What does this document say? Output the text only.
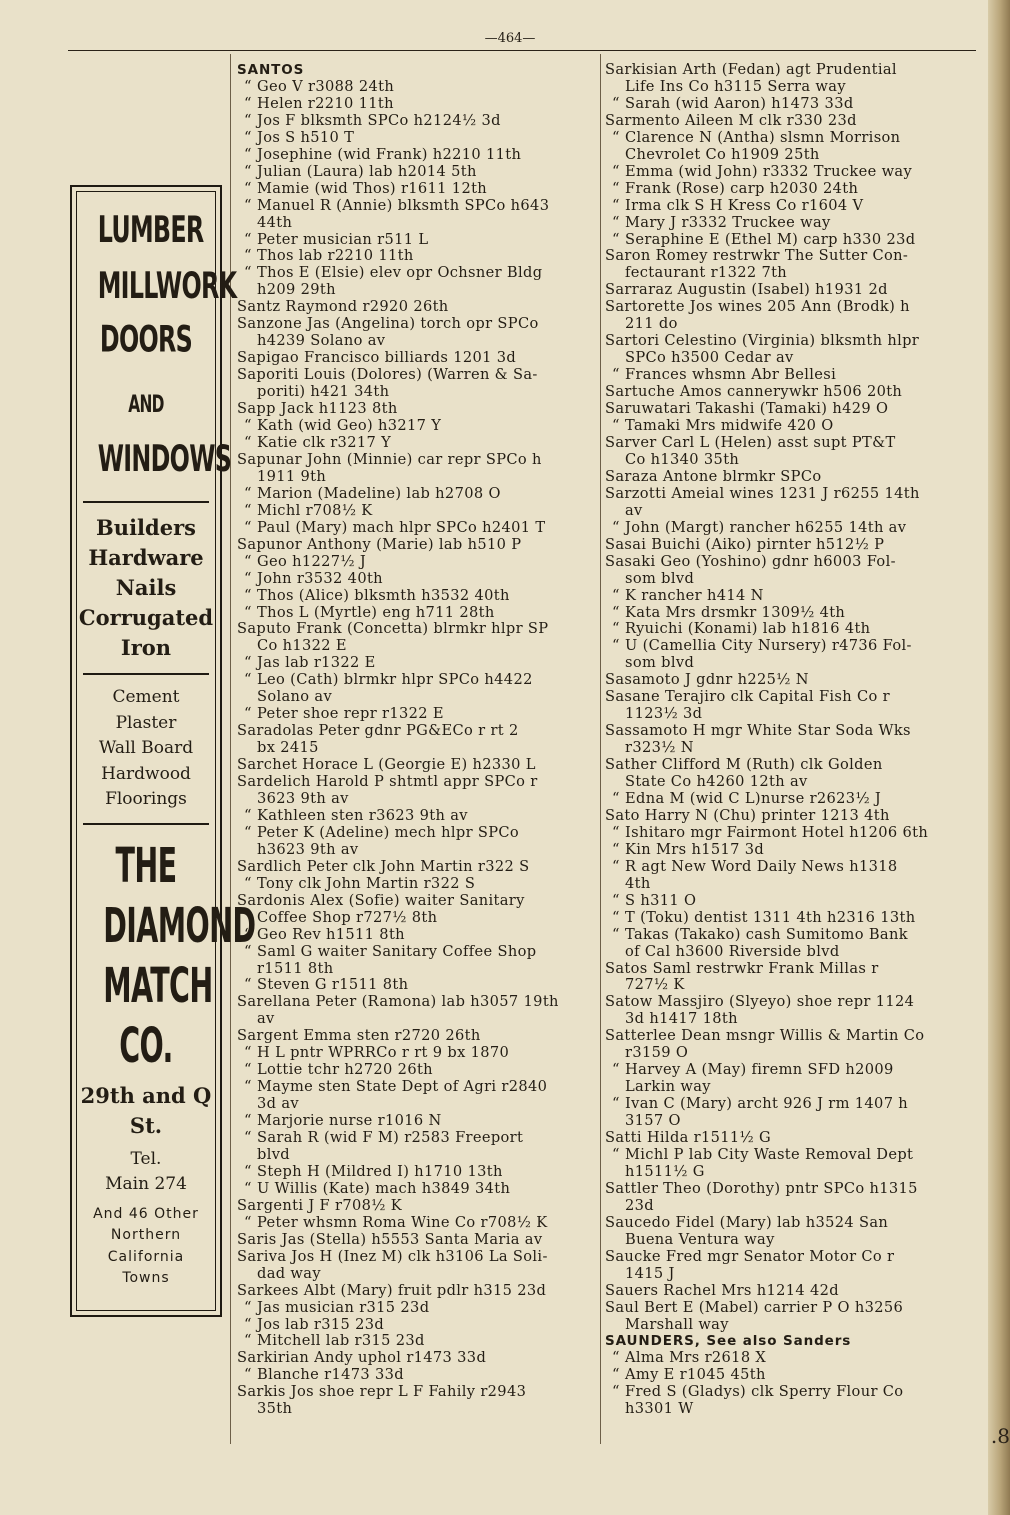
.8
—464—
LUMBER
MILLWORK
DOORS AND
WINDOWS
Builders
Hardware
Nails
Corrugated
Iron
Cement
Plaster
Wall Board
Hardwood
Floorings
THE
DIAMOND
MATCH
CO.
29th and Q
St.
Tel.
Main 274
And 46 Other
Northern
California
Towns
SANTOS
“ Geo V r3088 24th
“ Helen r2210 11th
“ Jos F blksmth SPCo h2124½ 3d
“ Jos S h510 T
“ Josephine (wid Frank) h2210 11th
“ Julian (Laura) lab h2014 5th
“ Mamie (wid Thos) r1611 12th
“ Manuel R (Annie) blksmth SPCo h643
44th
“ Peter musician r511 L
“ Thos lab r2210 11th
“ Thos E (Elsie) elev opr Ochsner Bldg
h209 29th
Santz Raymond r2920 26th
Sanzone Jas (Angelina) torch opr SPCo
h4239 Solano av
Sapigao Francisco billiards 1201 3d
Saporiti Louis (Dolores) (Warren & Sa-
poriti) h421 34th
Sapp Jack h1123 8th
“ Kath (wid Geo) h3217 Y
“ Katie clk r3217 Y
Sapunar John (Minnie) car repr SPCo h
1911 9th
“ Marion (Madeline) lab h2708 O
“ Michl r708½ K
“ Paul (Mary) mach hlpr SPCo h2401 T
Sapunor Anthony (Marie) lab h510 P
“ Geo h1227½ J
“ John r3532 40th
“ Thos (Alice) blksmth h3532 40th
“ Thos L (Myrtle) eng h711 28th
Saputo Frank (Concetta) blrmkr hlpr SP
Co h1322 E
“ Jas lab r1322 E
“ Leo (Cath) blrmkr hlpr SPCo h4422
Solano av
“ Peter shoe repr r1322 E
Saradolas Peter gdnr PG&ECo r rt 2
bx 2415
Sarchet Horace L (Georgie E) h2330 L
Sardelich Harold P shtmtl appr SPCo r
3623 9th av
“ Kathleen sten r3623 9th av
“ Peter K (Adeline) mech hlpr SPCo
h3623 9th av
Sardlich Peter clk John Martin r322 S
“ Tony clk John Martin r322 S
Sardonis Alex (Sofie) waiter Sanitary
Coffee Shop r727½ 8th
“ Geo Rev h1511 8th
“ Saml G waiter Sanitary Coffee Shop
r1511 8th
“ Steven G r1511 8th
Sarellana Peter (Ramona) lab h3057 19th
av
Sargent Emma sten r2720 26th
“ H L pntr WPRRCo r rt 9 bx 1870
“ Lottie tchr h2720 26th
“ Mayme sten State Dept of Agri r2840
3d av
“ Marjorie nurse r1016 N
“ Sarah R (wid F M) r2583 Freeport
blvd
“ Steph H (Mildred I) h1710 13th
“ U Willis (Kate) mach h3849 34th
Sargenti J F r708½ K
“ Peter whsmn Roma Wine Co r708½ K
Saris Jas (Stella) h5553 Santa Maria av
Sariva Jos H (Inez M) clk h3106 La Soli-
dad way
Sarkees Albt (Mary) fruit pdlr h315 23d
“ Jas musician r315 23d
“ Jos lab r315 23d
“ Mitchell lab r315 23d
Sarkirian Andy uphol r1473 33d
“ Blanche r1473 33d
Sarkis Jos shoe repr L F Fahily r2943
35th
Sarkisian Arth (Fedan) agt Prudential
Life Ins Co h3115 Serra way
“ Sarah (wid Aaron) h1473 33d
Sarmento Aileen M clk r330 23d
“ Clarence N (Antha) slsmn Morrison
Chevrolet Co h1909 25th
“ Emma (wid John) r3332 Truckee way
“ Frank (Rose) carp h2030 24th
“ Irma clk S H Kress Co r1604 V
“ Mary J r3332 Truckee way
“ Seraphine E (Ethel M) carp h330 23d
Saron Romey restrwkr The Sutter Con-
fectaurant r1322 7th
Sarraraz Augustin (Isabel) h1931 2d
Sartorette Jos wines 205 Ann (Brodk) h
211 do
Sartori Celestino (Virginia) blksmth hlpr
SPCo h3500 Cedar av
“ Frances whsmn Abr Bellesi
Sartuche Amos cannerywkr h506 20th
Saruwatari Takashi (Tamaki) h429 O
“ Tamaki Mrs midwife 420 O
Sarver Carl L (Helen) asst supt PT&T
Co h1340 35th
Saraza Antone blrmkr SPCo
Sarzotti Ameial wines 1231 J r6255 14th
av
“ John (Margt) rancher h6255 14th av
Sasai Buichi (Aiko) pirnter h512½ P
Sasaki Geo (Yoshino) gdnr h6003 Fol-
som blvd
“ K rancher h414 N
“ Kata Mrs drsmkr 1309½ 4th
“ Ryuichi (Konami) lab h1816 4th
“ U (Camellia City Nursery) r4736 Fol-
som blvd
Sasamoto J gdnr h225½ N
Sasane Terajiro clk Capital Fish Co r
1123½ 3d
Sassamoto H mgr White Star Soda Wks
r323½ N
Sather Clifford M (Ruth) clk Golden
State Co h4260 12th av
“ Edna M (wid C L)nurse r2623½ J
Sato Harry N (Chu) printer 1213 4th
“ Ishitaro mgr Fairmont Hotel h1206 6th
“ Kin Mrs h1517 3d
“ R agt New Word Daily News h1318
4th
“ S h311 O
“ T (Toku) dentist 1311 4th h2316 13th
“ Takas (Takako) cash Sumitomo Bank
of Cal h3600 Riverside blvd
Satos Saml restrwkr Frank Millas r
727½ K
Satow Massjiro (Slyeyo) shoe repr 1124
3d h1417 18th
Satterlee Dean msngr Willis & Martin Co
r3159 O
“ Harvey A (May) firemn SFD h2009
Larkin way
“ Ivan C (Mary) archt 926 J rm 1407 h
3157 O
Satti Hilda r1511½ G
“ Michl P lab City Waste Removal Dept
h1511½ G
Sattler Theo (Dorothy) pntr SPCo h1315
23d
Saucedo Fidel (Mary) lab h3524 San
Buena Ventura way
Saucke Fred mgr Senator Motor Co r
1415 J
Sauers Rachel Mrs h1214 42d
Saul Bert E (Mabel) carrier P O h3256
Marshall way
SAUNDERS, See also Sanders
“ Alma Mrs r2618 X
“ Amy E r1045 45th
“ Fred S (Gladys) clk Sperry Flour Co
h3301 W
